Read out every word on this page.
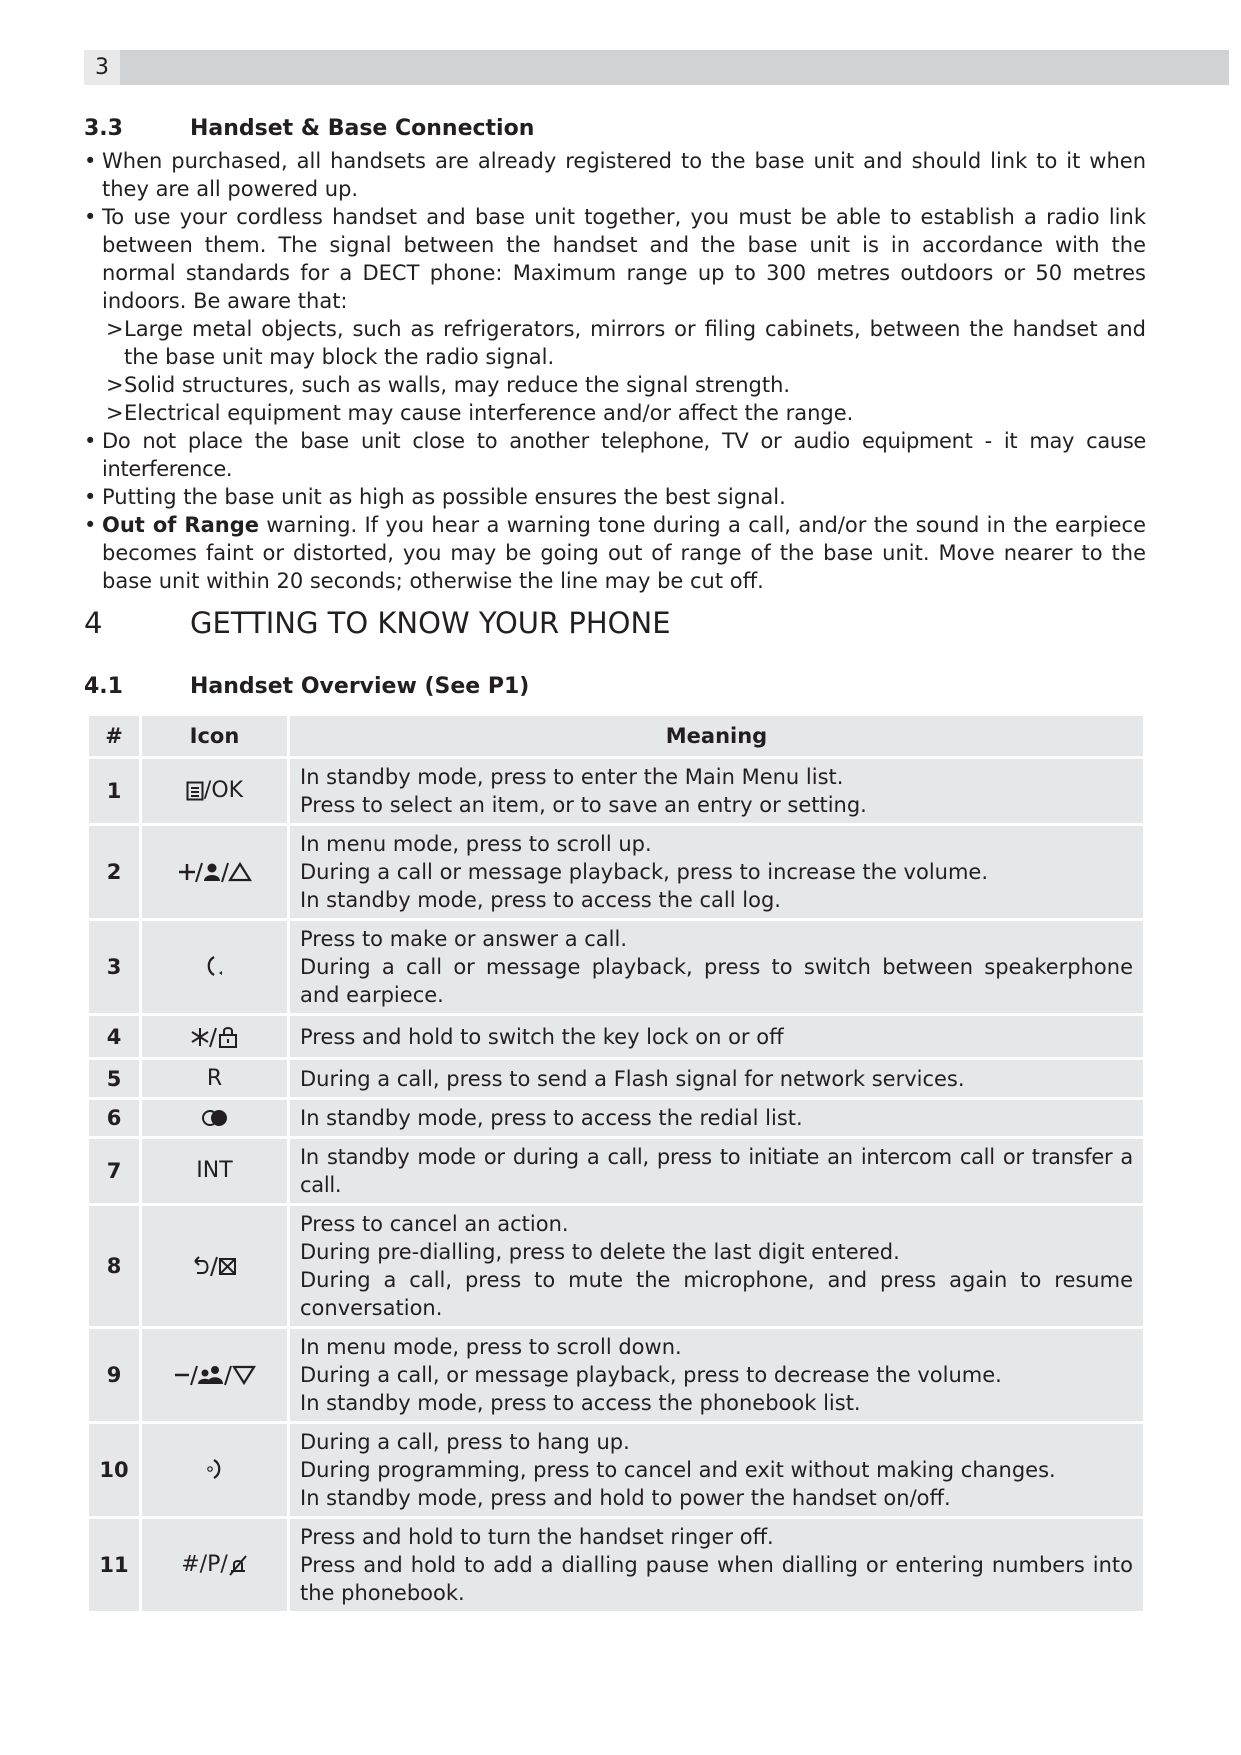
3
3.3	Handset & Base Connection
• When purchased, all handsets are already registered to the base unit and should link to it when they are all powered up.
• To use your cordless handset and base unit together, you must be able to establish a radio link between them. The signal between the handset and the base unit is in accordance with the normal standards for a DECT phone: Maximum range up to 300 metres outdoors or 50 metres indoors. Be aware that:
> Large metal objects, such as refrigerators, mirrors or filing cabinets, between the handset and the base unit may block the radio signal.
> Solid structures, such as walls, may reduce the signal strength.
> Electrical equipment may cause interference and/or affect the range.
• Do not place the base unit close to another telephone, TV or audio equipment - it may cause interference.
• Putting the base unit as high as possible ensures the best signal.
• Out of Range warning. If you hear a warning tone during a call, and/or the sound in the earpiece becomes faint or distorted, you may be going out of range of the base unit. Move nearer to the base unit within 20 seconds; otherwise the line may be cut off.
4	GETTING TO KNOW YOUR PHONE
4.1	Handset Overview (See P1)
#	Icon	Meaning
1	/OK	In standby mode, press to enter the Main Menu list.
Press to select an item, or to save an entry or setting.

2		In menu mode, press to scroll up.
During a call or message playback, press to increase the volume.
In standby mode, press to access the call log.

3		Press to make or answer a call.
During a call or message playback, press to switch between speakerphone and earpiece.

4		Press and hold to switch the key lock on or off

5	R	During a call, press to send a Flash signal for network services.

6		In standby mode, press to access the redial list.

7	INT	In standby mode or during a call, press to initiate an intercom call or transfer a call.

8		Press to cancel an action.
During pre-dialling, press to delete the last digit entered.
During a call, press to mute the microphone, and press again to resume conversation.

9		In menu mode, press to scroll down.
During a call, or message playback, press to decrease the volume.
In standby mode, press to access the phonebook list.

10		During a call, press to hang up.
During programming, press to cancel and exit without making changes.
In standby mode, press and hold to power the handset on/off.

11	#/P/	Press and hold to turn the handset ringer off.
Press and hold to add a dialling pause when dialling or entering numbers into the phonebook.
